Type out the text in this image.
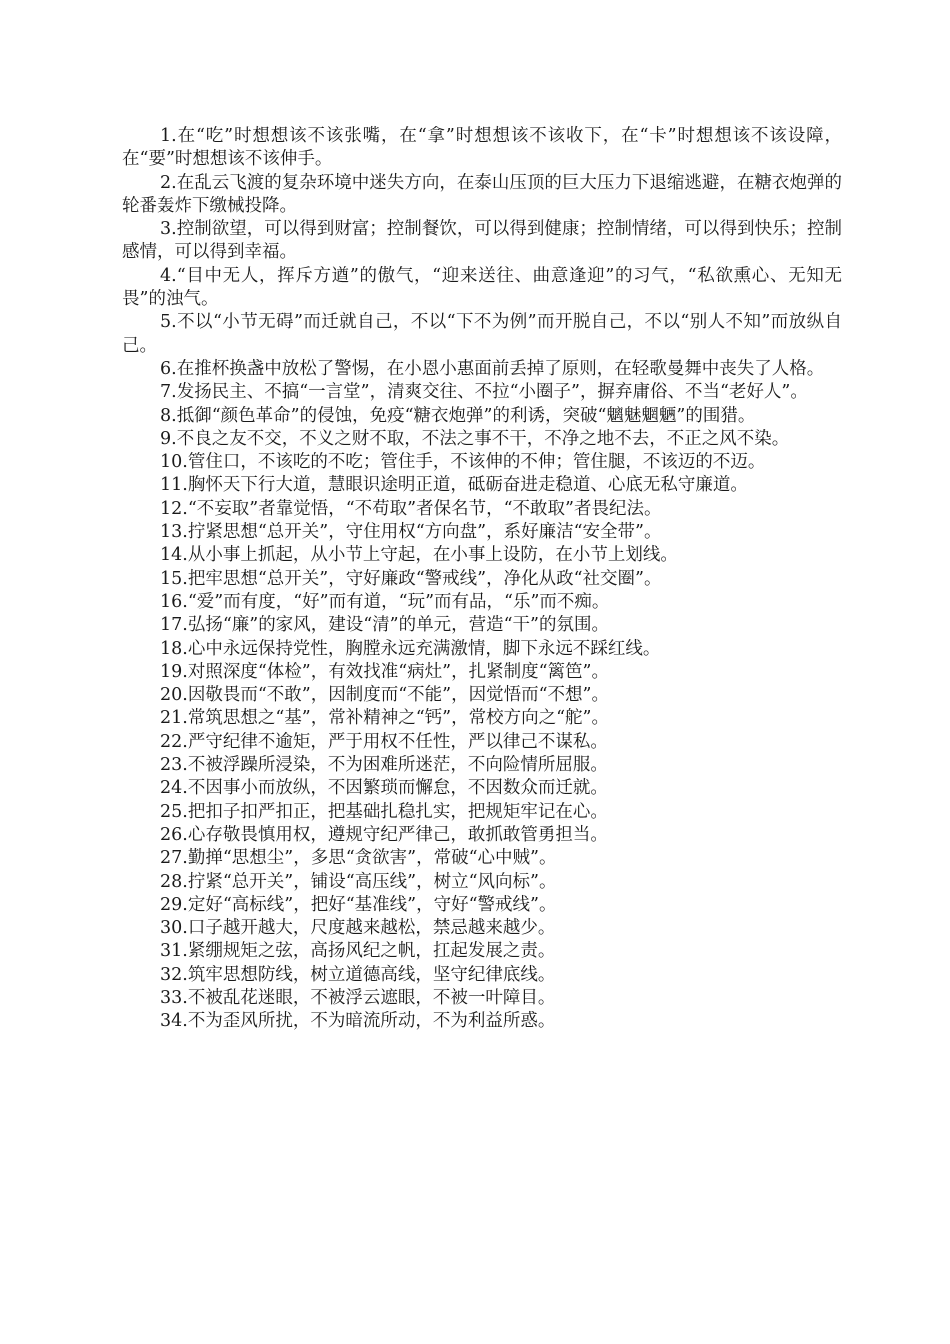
1.在“吃”时想想该不该张嘴，在“拿”时想想该不该收下，在“卡”时想想该不该设障，在“要”时想想该不该伸手。

2.在乱云飞渡的复杂环境中迷失方向，在泰山压顶的巨大压力下退缩逃避，在糖衣炮弹的轮番轰炸下缴械投降。

3.控制欲望，可以得到财富；控制餐饮，可以得到健康；控制情绪，可以得到快乐；控制感情，可以得到幸福。

4.“目中无人，挥斥方遒”的傲气，“迎来送往、曲意逢迎”的习气，“私欲熏心、无知无畏”的浊气。

5.不以“小节无碍”而迁就自己，不以“下不为例”而开脱自己，不以“别人不知”而放纵自己。

6.在推杯换盏中放松了警惕，在小恩小惠面前丢掉了原则，在轻歌曼舞中丧失了人格。

7.发扬民主、不搞“一言堂”，清爽交往、不拉“小圈子”，摒弃庸俗、不当“老好人”。

8.抵御“颜色革命”的侵蚀，免疫“糖衣炮弹”的利诱，突破“魑魅魍魉”的围猎。

9.不良之友不交，不义之财不取，不法之事不干，不净之地不去，不正之风不染。

10.管住口，不该吃的不吃；管住手，不该伸的不伸；管住腿，不该迈的不迈。

11.胸怀天下行大道，慧眼识途明正道，砥砺奋进走稳道、心底无私守廉道。

12.“不妄取”者靠觉悟，“不苟取”者保名节，“不敢取”者畏纪法。

13.拧紧思想“总开关”，守住用权“方向盘”，系好廉洁“安全带”。

14.从小事上抓起，从小节上守起，在小事上设防，在小节上划线。

15.把牢思想“总开关”，守好廉政“警戒线”，净化从政“社交圈”。

16.“爱”而有度，“好”而有道，“玩”而有品，“乐”而不痴。

17.弘扬“廉”的家风，建设“清”的单元，营造“干”的氛围。

18.心中永远保持党性，胸膛永远充满激情，脚下永远不踩红线。

19.对照深度“体检”，有效找准“病灶”，扎紧制度“篱笆”。

20.因敬畏而“不敢”，因制度而“不能”，因觉悟而“不想”。

21.常筑思想之“基”，常补精神之“钙”，常校方向之“舵”。

22.严守纪律不逾矩，严于用权不任性，严以律己不谋私。

23.不被浮躁所浸染，不为困难所迷茫，不向险情所屈服。

24.不因事小而放纵，不因繁琐而懈怠，不因数众而迁就。

25.把扣子扣严扣正，把基础扎稳扎实，把规矩牢记在心。

26.心存敬畏慎用权，遵规守纪严律己，敢抓敢管勇担当。

27.勤掸“思想尘”，多思“贪欲害”，常破“心中贼”。

28.拧紧“总开关”，铺设“高压线”，树立“风向标”。

29.定好“高标线”，把好“基准线”，守好“警戒线”。

30.口子越开越大，尺度越来越松，禁忌越来越少。

31.紧绷规矩之弦，高扬风纪之帆，扛起发展之责。

32.筑牢思想防线，树立道德高线，坚守纪律底线。

33.不被乱花迷眼，不被浮云遮眼，不被一叶障目。

34.不为歪风所扰，不为暗流所动，不为利益所惑。
